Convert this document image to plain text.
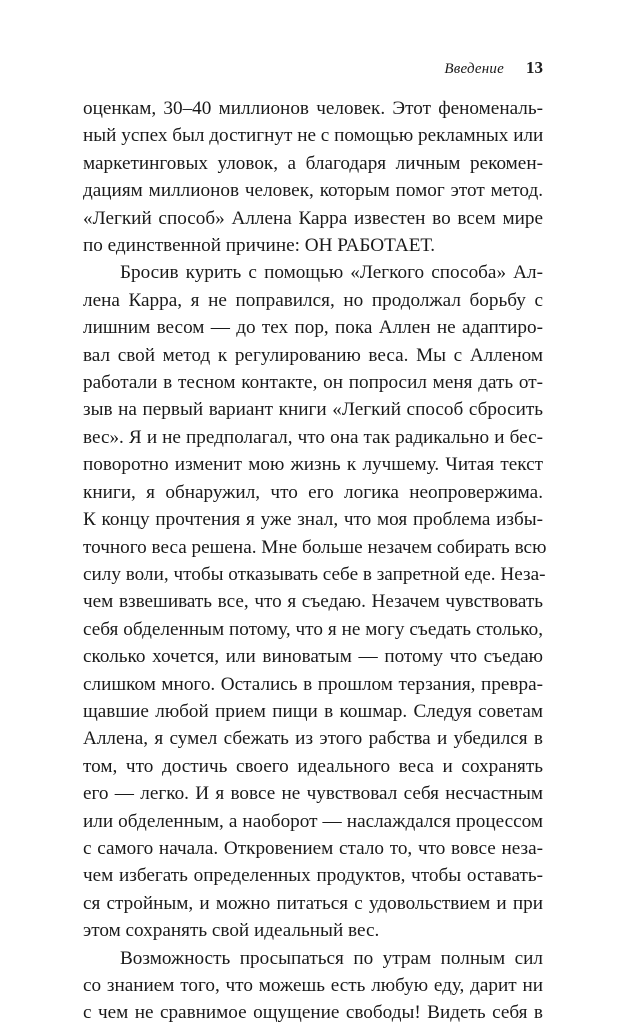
Введение 13

оценкам, 30–40 миллионов человек. Этот феноменаль-
ный успех был достигнут не с помощью рекламных или
маркетинговых уловок, а благодаря личным рекомен-
дациям миллионов человек, которым помог этот метод.
«Легкий способ» Аллена Карра известен во всем мире
по единственной причине: ОН РАБОТАЕТ.

Бросив курить с помощью «Легкого способа» Ал-
лена Карра, я не поправился, но продолжал борьбу с
лишним весом — до тех пор, пока Аллен не адаптиро-
вал свой метод к регулированию веса. Мы с Алленом
работали в тесном контакте, он попросил меня дать от-
зыв на первый вариант книги «Легкий способ сбросить
вес». Я и не предполагал, что она так радикально и бес-
поворотно изменит мою жизнь к лучшему. Читая текст
книги, я обнаружил, что его логика неопровержима.
К концу прочтения я уже знал, что моя проблема избы-
точного веса решена. Мне больше незачем собирать всю
силу воли, чтобы отказывать себе в запретной еде. Неза-
чем взвешивать все, что я съедаю. Незачем чувствовать
себя обделенным потому, что я не могу съедать столько,
сколько хочется, или виноватым — потому что съедаю
слишком много. Остались в прошлом терзания, превра-
щавшие любой прием пищи в кошмар. Следуя советам
Аллена, я сумел сбежать из этого рабства и убедился в
том, что достичь своего идеального веса и сохранять
его — легко. И я вовсе не чувствовал себя несчастным
или обделенным, а наоборот — наслаждался процессом
с самого начала. Откровением стало то, что вовсе неза-
чем избегать определенных продуктов, чтобы оставать-
ся стройным, и можно питаться с удовольствием и при
этом сохранять свой идеальный вес.

Возможность просыпаться по утрам полным сил
со знанием того, что можешь есть любую еду, дарит ни
с чем не сравнимое ощущение свободы! Видеть себя в
